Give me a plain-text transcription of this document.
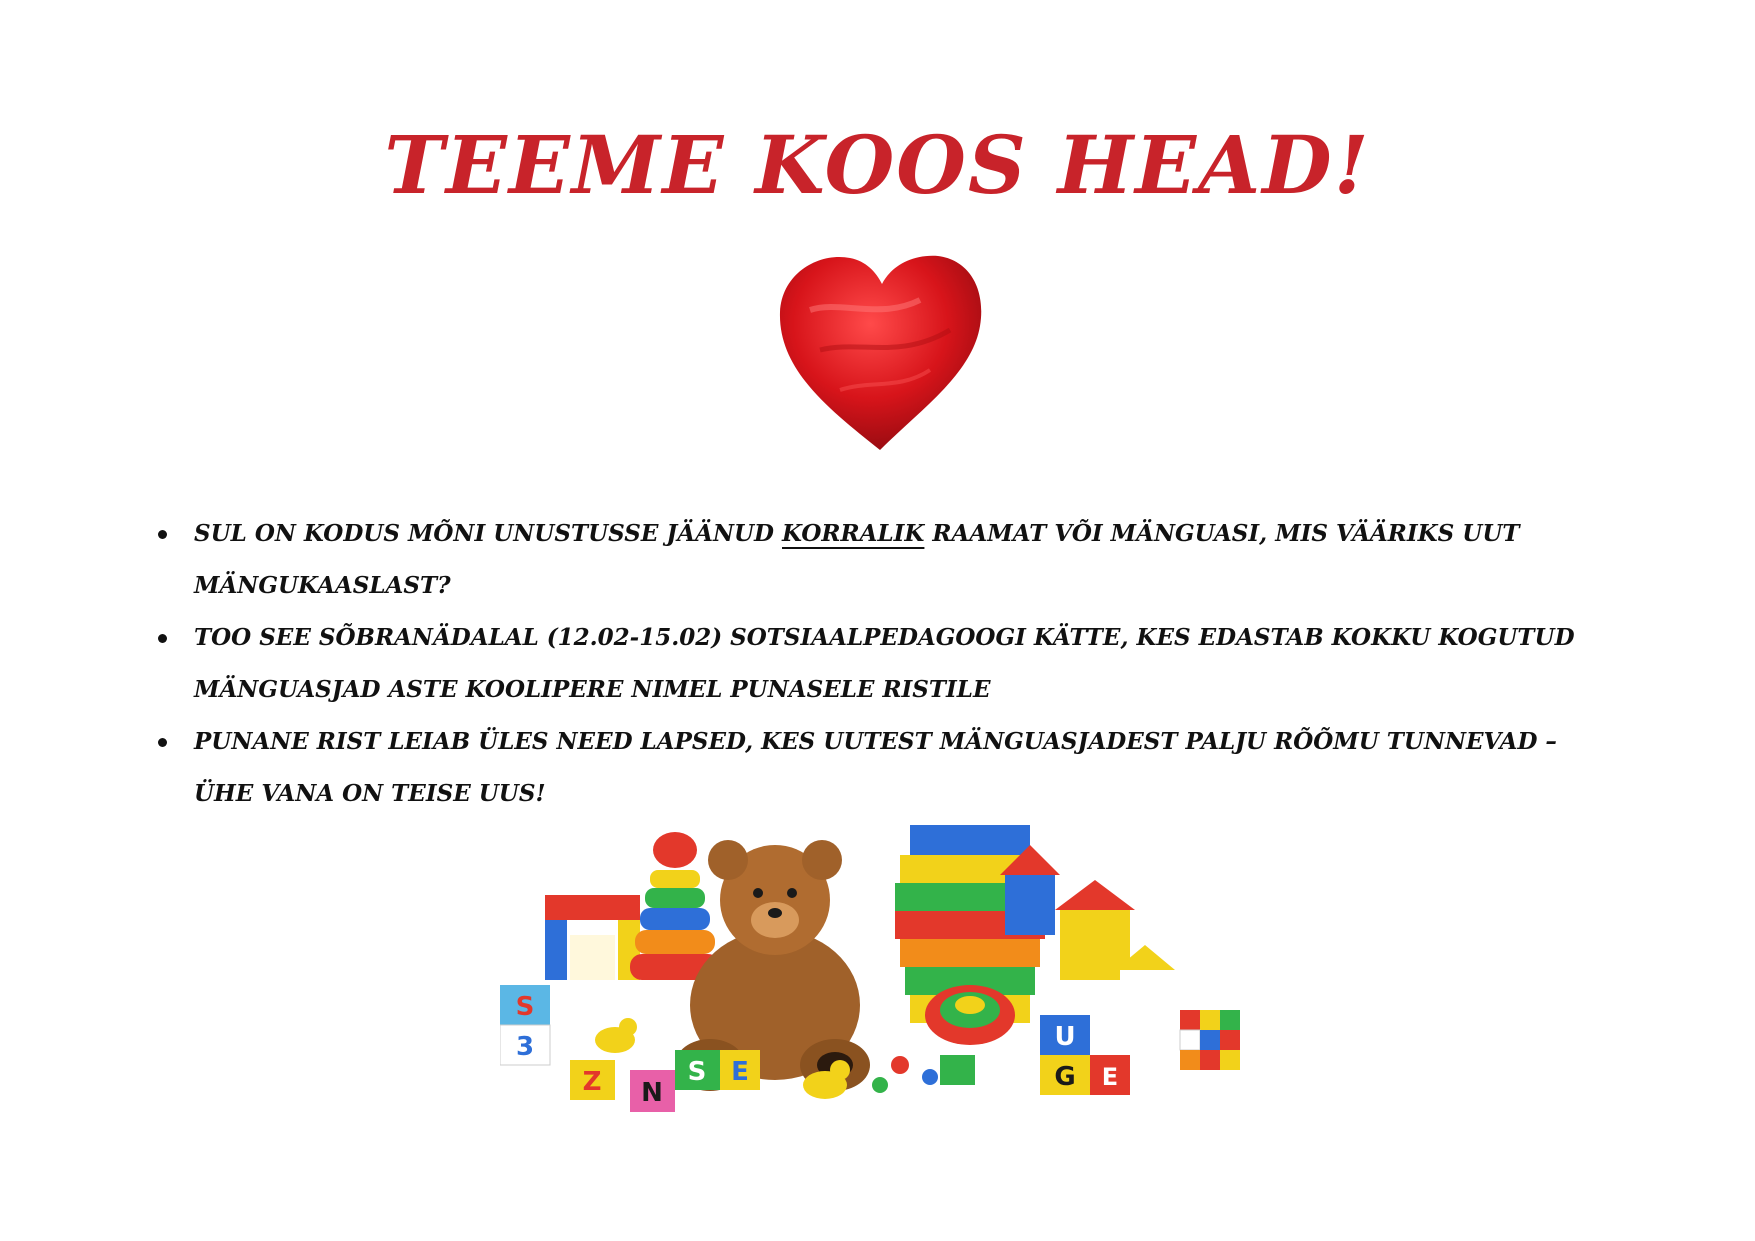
TEEME KOOS HEAD!
SUL ON KODUS MÕNI UNUSTUSSE JÄÄNUD KORRALIK RAAMAT VÕI MÄNGUASI, MIS VÄÄRIKS UUT MÄNGUKAASLAST?
TOO SEE SÕBRANÄDALAL (12.02-15.02) SOTSIAALPEDAGOOGI KÄTTE, KES EDASTAB KOKKU KOGUTUD MÄNGUASJAD ASTE KOOLIPERE NIMEL PUNASELE RISTILE
PUNANE RIST LEIAB ÜLES NEED LAPSED, KES UUTEST MÄNGUASJADEST PALJU RÕÕMU TUNNEVAD – ÜHE VANA ON TEISE UUS!
S
3
N
Z	S E
U
G E
